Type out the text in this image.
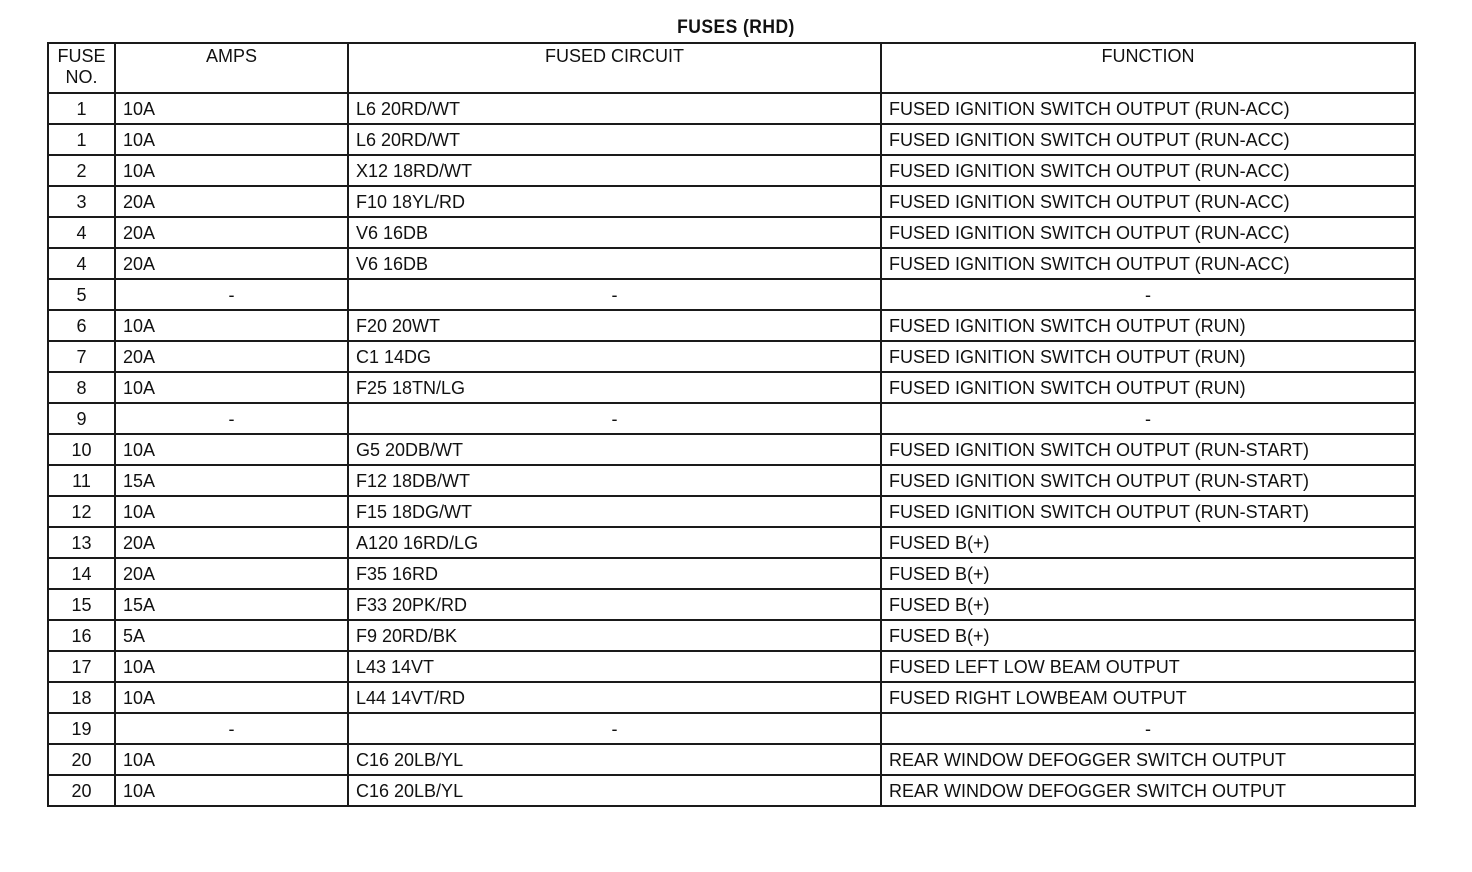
FUSES (RHD)
FUSE
NO.	AMPS	FUSED CIRCUIT	FUNCTION
1	10A	L6 20RD/WT	FUSED IGNITION SWITCH OUTPUT (RUN-ACC)
1	10A	L6 20RD/WT	FUSED IGNITION SWITCH OUTPUT (RUN-ACC)
2	10A	X12 18RD/WT	FUSED IGNITION SWITCH OUTPUT (RUN-ACC)
3	20A	F10 18YL/RD	FUSED IGNITION SWITCH OUTPUT (RUN-ACC)
4	20A	V6 16DB	FUSED IGNITION SWITCH OUTPUT (RUN-ACC)
4	20A	V6 16DB	FUSED IGNITION SWITCH OUTPUT (RUN-ACC)
5	-	-	-
6	10A	F20 20WT	FUSED IGNITION SWITCH OUTPUT (RUN)
7	20A	C1 14DG	FUSED IGNITION SWITCH OUTPUT (RUN)
8	10A	F25 18TN/LG	FUSED IGNITION SWITCH OUTPUT (RUN)
9	-	-	-
10	10A	G5 20DB/WT	FUSED IGNITION SWITCH OUTPUT (RUN-START)
11	15A	F12 18DB/WT	FUSED IGNITION SWITCH OUTPUT (RUN-START)
12	10A	F15 18DG/WT	FUSED IGNITION SWITCH OUTPUT (RUN-START)
13	20A	A120 16RD/LG	FUSED B(+)
14	20A	F35 16RD	FUSED B(+)
15	15A	F33 20PK/RD	FUSED B(+)
16	5A	F9 20RD/BK	FUSED B(+)
17	10A	L43 14VT	FUSED LEFT LOW BEAM OUTPUT
18	10A	L44 14VT/RD	FUSED RIGHT LOWBEAM OUTPUT
19	-	-	-
20	10A	C16 20LB/YL	REAR WINDOW DEFOGGER SWITCH OUTPUT
20	10A	C16 20LB/YL	REAR WINDOW DEFOGGER SWITCH OUTPUT
